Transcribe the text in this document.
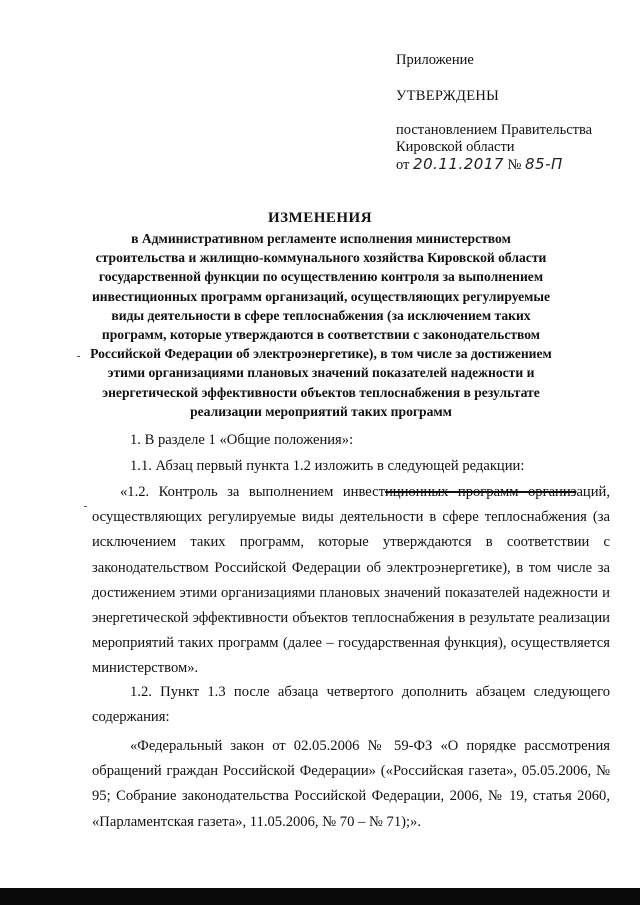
Приложение
УТВЕРЖДЕНЫ
постановлением Правительства Кировской области
от 20.11.2017 № 85-П
ИЗМЕНЕНИЯ
в Административном регламенте исполнения министерством строительства и жилищно-коммунального хозяйства Кировской области государственной функции по осуществлению контроля за выполнением инвестиционных программ организаций, осуществляющих регулируемые виды деятельности в сфере теплоснабжения (за исключением таких программ, которые утверждаются в соответствии с законодательством Российской Федерации об электроэнергетике), в том числе за достижением этими организациями плановых значений показателей надежности и энергетической эффективности объектов теплоснабжения в результате реализации мероприятий таких программ
1. В разделе 1 «Общие положения»:
1.1. Абзац первый пункта 1.2 изложить в следующей редакции:
«1.2. Контроль за выполнением инвестиционных программ организаций, осуществляющих регулируемые виды деятельности в сфере теплоснабжения (за исключением таких программ, которые утверждаются в соответствии с законодательством Российской Федерации об электроэнергетике), в том числе за достижением этими организациями плановых значений показателей надежности и энергетической эффективности объектов теплоснабжения в результате реализации мероприятий таких программ (далее – государственная функция), осуществляется министерством».
1.2. Пункт 1.3 после абзаца четвертого дополнить абзацем следующего содержания:
«Федеральный закон от 02.05.2006 № 59-ФЗ «О порядке рассмотрения обращений граждан Российской Федерации» («Российская газета», 05.05.2006, № 95; Собрание законодательства Российской Федерации, 2006, № 19, статья 2060, «Парламентская газета», 11.05.2006, № 70 – № 71);».
